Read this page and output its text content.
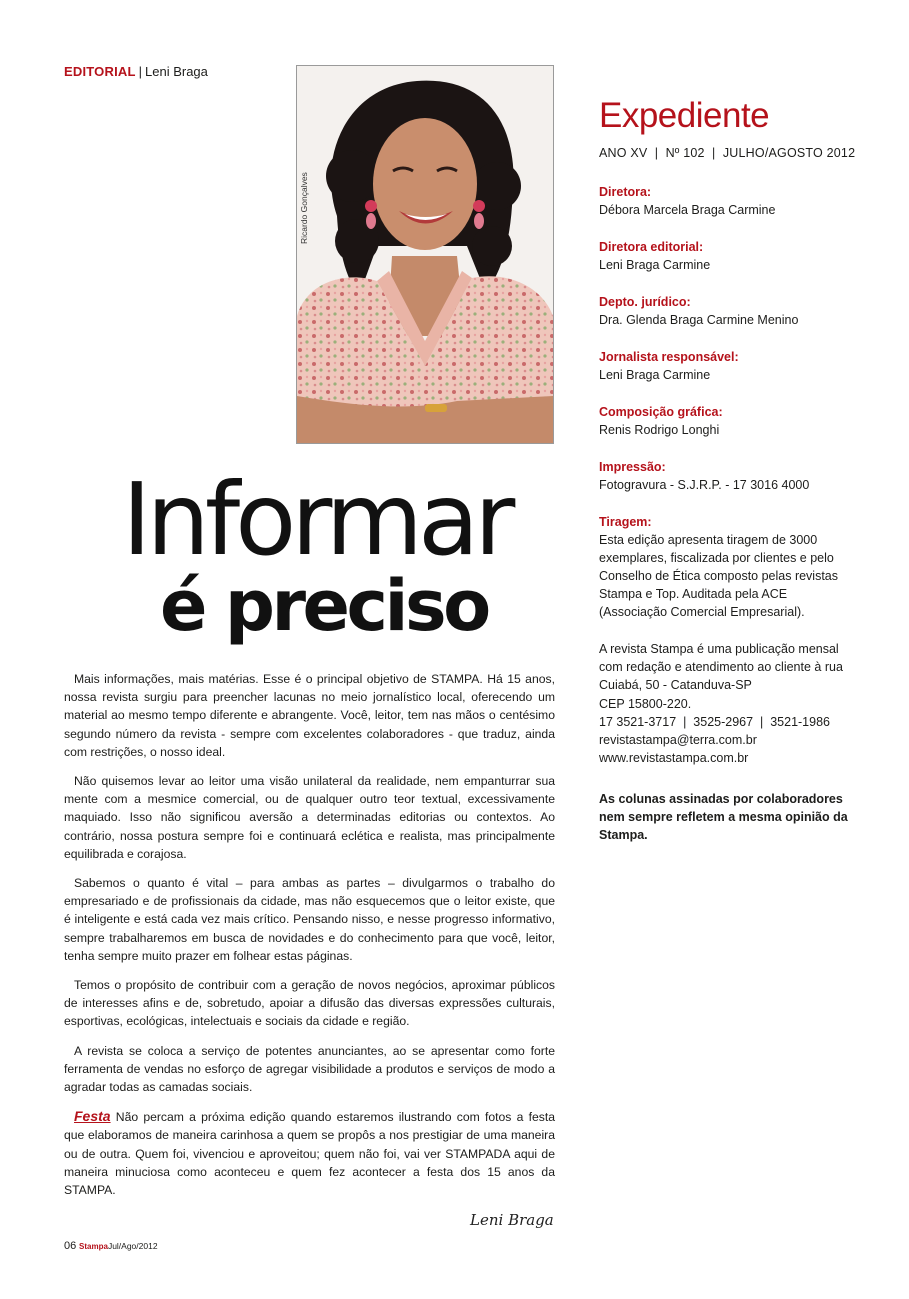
EDITORIAL | Leni Braga
Ricardo Gonçalves
Informar
é preciso

Mais informações, mais matérias. Esse é o principal objetivo de STAMPA. Há 15 anos, nossa revista surgiu para preencher lacunas no meio jornalístico local, oferecendo um material ao mesmo tempo diferente e abrangente. Você, leitor, tem nas mãos o centésimo segundo número da revista - sempre com excelentes colaboradores - que traduz, ainda com restrições, o nosso ideal.

Não quisemos levar ao leitor uma visão unilateral da realidade, nem empanturrar sua mente com a mesmice comercial, ou de qualquer outro teor textual, excessivamente maquiado. Isso não significou aversão a determinadas editorias ou contextos. Ao contrário, nossa postura sempre foi e continuará eclética e realista, mas principalmente equilibrada e corajosa.

Sabemos o quanto é vital – para ambas as partes – divulgarmos o trabalho do empresariado e de profissionais da cidade, mas não esquecemos que o leitor existe, que é inteligente e está cada vez mais crítico. Pensando nisso, e nesse progresso informativo, sempre trabalharemos em busca de novidades e do conhecimento para que você, leitor, tenha sempre muito prazer em folhear estas páginas.

Temos o propósito de contribuir com a geração de novos negócios, aproximar públicos de interesses afins e de, sobretudo, apoiar a difusão das diversas expressões culturais, esportivas, ecológicas, intelectuais e sociais da cidade e região.

A revista se coloca a serviço de potentes anunciantes, ao se apresentar como forte ferramenta de vendas no esforço de agregar visibilidade a produtos e serviços de modo a agradar todas as camadas sociais.

Festa Não percam a próxima edição quando estaremos ilustrando com fotos a festa que elaboramos de maneira carinhosa a quem se propôs a nos prestigiar de uma maneira ou de outra. Quem foi, vivenciou e aproveitou; quem não foi, vai ver STAMPADA aqui de maneira minuciosa como aconteceu e quem fez acontecer a festa dos 15 anos da STAMPA.

Leni Braga
06 StampaJul/Ago/2012
Expediente
ANO XV  |  Nº 102  |  JULHO/AGOSTO 2012
Diretora:
Débora Marcela Braga Carmine
Diretora editorial:
Leni Braga Carmine
Depto. jurídico:
Dra. Glenda Braga Carmine Menino
Jornalista responsável:
Leni Braga Carmine
Composição gráfica:
Renis Rodrigo Longhi
Impressão:
Fotogravura - S.J.R.P. - 17 3016 4000
Tiragem:
Esta edição apresenta tiragem de 3000 exemplares, fiscalizada por clientes e pelo Conselho de Ética composto pelas revistas Stampa e Top. Auditada pela ACE (Associação Comercial Empresarial).
A revista Stampa é uma publicação mensal com redação e atendimento ao cliente à rua Cuiabá, 50 - Catanduva-SP
CEP 15800-220.
17 3521-3717  |  3525-2967  |  3521-1986
revistastampa@terra.com.br
www.revistastampa.com.br
As colunas assinadas por colaboradores nem sempre refletem a mesma opinião da Stampa.
